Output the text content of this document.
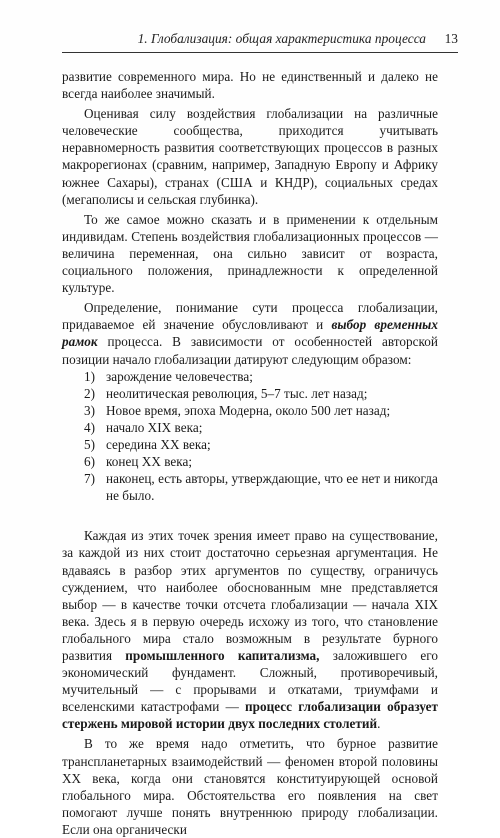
1. Глобализация: общая характеристика процесса 13

развитие современного мира. Но не единственный и далеко не всегда наиболее значимый.

Оценивая силу воздействия глобализации на различные человеческие сообщества, приходится учитывать неравномерность развития соответствующих процессов в разных макрорегионах (сравним, например, Западную Европу и Африку южнее Сахары), странах (США и КНДР), социальных средах (мегаполисы и сельская глубинка).

То же самое можно сказать и в применении к отдельным индивидам. Степень воздействия глобализационных процессов — величина переменная, она сильно зависит от возраста, социального положения, принадлежности к определенной культуре.

Определение, понимание сути процесса глобализации, придаваемое ей значение обусловливают и выбор временных рамок процесса. В зависимости от особенностей авторской позиции начало глобализации датируют следующим образом:

1) зарождение человечества;
2) неолитическая революция, 5–7 тыс. лет назад;
3) Новое время, эпоха Модерна, около 500 лет назад;
4) начало XIX века;
5) середина XX века;
6) конец XX века;
7) наконец, есть авторы, утверждающие, что ее нет и никогда не было.

Каждая из этих точек зрения имеет право на существование, за каждой из них стоит достаточно серьезная аргументация. Не вдаваясь в разбор этих аргументов по существу, ограничусь суждением, что наиболее обоснованным мне представляется выбор — в качестве точки отсчета глобализации — начала XIX века. Здесь я в первую очередь исхожу из того, что становление глобального мира стало возможным в результате бурного развития промышленного капитализма, заложившего его экономический фундамент. Сложный, противоречивый, мучительный — с прорывами и откатами, триумфами и вселенскими катастрофами — процесс глобализации образует стержень мировой истории двух последних столетий.

В то же время надо отметить, что бурное развитие транспланетарных взаимодействий — феномен второй половины XX века, когда они становятся конституирующей основой глобального мира. Обстоятельства его появления на свет помогают лучше понять внутреннюю природу глобализации. Если она органически
